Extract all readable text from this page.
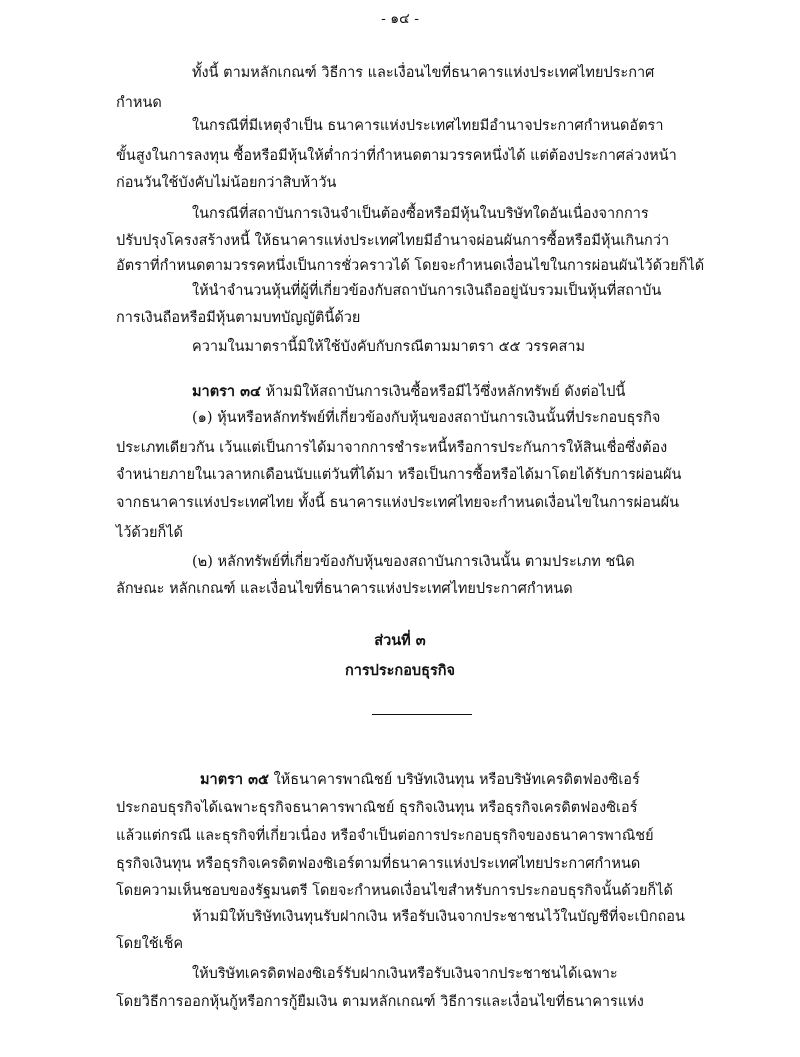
- ๑๔ -
ทั้งนี้ ตามหลักเกณฑ์ วิธีการ และเงื่อนไขที่ธนาคารแห่งประเทศไทยประกาศ
กำหนด
ในกรณีที่มีเหตุจำเป็น ธนาคารแห่งประเทศไทยมีอำนาจประกาศกำหนดอัตรา
ขั้นสูงในการลงทุน ซื้อหรือมีหุ้นให้ต่ำกว่าที่กำหนดตามวรรคหนึ่งได้ แต่ต้องประกาศล่วงหน้า
ก่อนวันใช้บังคับไม่น้อยกว่าสิบห้าวัน
ในกรณีที่สถาบันการเงินจำเป็นต้องซื้อหรือมีหุ้นในบริษัทใดอันเนื่องจากการ
ปรับปรุงโครงสร้างหนี้ ให้ธนาคารแห่งประเทศไทยมีอำนาจผ่อนผันการซื้อหรือมีหุ้นเกินกว่า
อัตราที่กำหนดตามวรรคหนึ่งเป็นการชั่วคราวได้ โดยจะกำหนดเงื่อนไขในการผ่อนผันไว้ด้วยก็ได้
ให้นำจำนวนหุ้นที่ผู้ที่เกี่ยวข้องกับสถาบันการเงินถืออยู่นับรวมเป็นหุ้นที่สถาบัน
การเงินถือหรือมีหุ้นตามบทบัญญัตินี้ด้วย
ความในมาตรานี้มิให้ใช้บังคับกับกรณีตามมาตรา ๕๕ วรรคสาม
มาตรา ๓๔ ห้ามมิให้สถาบันการเงินซื้อหรือมีไว้ซึ่งหลักทรัพย์ ดังต่อไปนี้
(๑) หุ้นหรือหลักทรัพย์ที่เกี่ยวข้องกับหุ้นของสถาบันการเงินนั้นที่ประกอบธุรกิจ
ประเภทเดียวกัน เว้นแต่เป็นการได้มาจากการชำระหนี้หรือการประกันการให้สินเชื่อซึ่งต้อง
จำหน่ายภายในเวลาหกเดือนนับแต่วันที่ได้มา หรือเป็นการซื้อหรือได้มาโดยได้รับการผ่อนผัน
จากธนาคารแห่งประเทศไทย ทั้งนี้ ธนาคารแห่งประเทศไทยจะกำหนดเงื่อนไขในการผ่อนผัน
ไว้ด้วยก็ได้
(๒) หลักทรัพย์ที่เกี่ยวข้องกับหุ้นของสถาบันการเงินนั้น ตามประเภท ชนิด
ลักษณะ หลักเกณฑ์ และเงื่อนไขที่ธนาคารแห่งประเทศไทยประกาศกำหนด
ส่วนที่ ๓
การประกอบธุรกิจ
มาตรา ๓๕ ให้ธนาคารพาณิชย์ บริษัทเงินทุน หรือบริษัทเครดิตฟองซิเอร์
ประกอบธุรกิจได้เฉพาะธุรกิจธนาคารพาณิชย์ ธุรกิจเงินทุน หรือธุรกิจเครดิตฟองซิเอร์
แล้วแต่กรณี และธุรกิจที่เกี่ยวเนื่อง หรือจำเป็นต่อการประกอบธุรกิจของธนาคารพาณิชย์
ธุรกิจเงินทุน หรือธุรกิจเครดิตฟองซิเอร์ตามที่ธนาคารแห่งประเทศไทยประกาศกำหนด
โดยความเห็นชอบของรัฐมนตรี โดยจะกำหนดเงื่อนไขสำหรับการประกอบธุรกิจนั้นด้วยก็ได้
ห้ามมิให้บริษัทเงินทุนรับฝากเงิน หรือรับเงินจากประชาชนไว้ในบัญชีที่จะเบิกถอน
โดยใช้เช็ค
ให้บริษัทเครดิตฟองซิเอร์รับฝากเงินหรือรับเงินจากประชาชนได้เฉพาะ
โดยวิธีการออกหุ้นกู้หรือการกู้ยืมเงิน ตามหลักเกณฑ์ วิธีการและเงื่อนไขที่ธนาคารแห่ง
